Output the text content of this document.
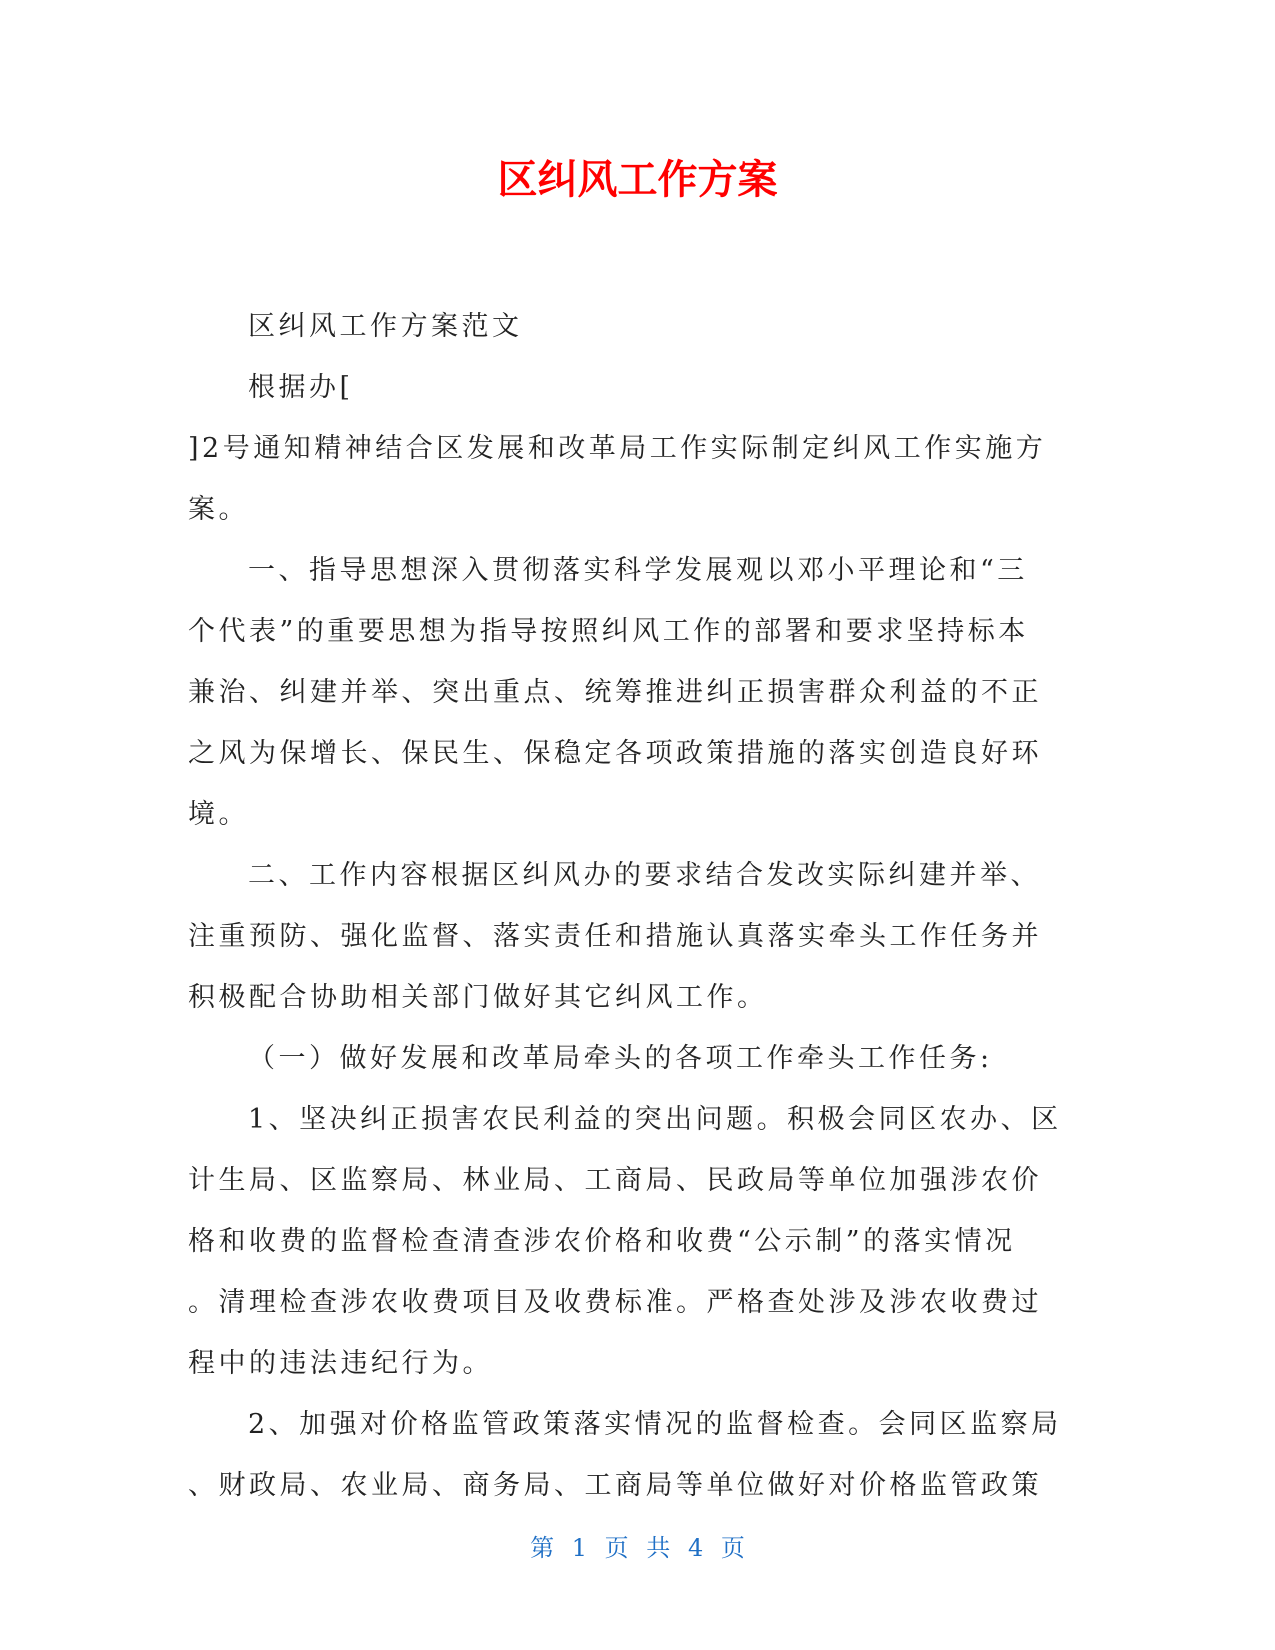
区纠风工作方案

区纠风工作方案范文

根据办[

]2号通知精神结合区发展和改革局工作实际制定纠风工作实施方

案。

一、指导思想深入贯彻落实科学发展观以邓小平理论和“三

个代表”的重要思想为指导按照纠风工作的部署和要求坚持标本

兼治、纠建并举、突出重点、统筹推进纠正损害群众利益的不正

之风为保增长、保民生、保稳定各项政策措施的落实创造良好环

境。

二、工作内容根据区纠风办的要求结合发改实际纠建并举、

注重预防、强化监督、落实责任和措施认真落实牵头工作任务并

积极配合协助相关部门做好其它纠风工作。

（一）做好发展和改革局牵头的各项工作牵头工作任务:

1、坚决纠正损害农民利益的突出问题。积极会同区农办、区

计生局、区监察局、林业局、工商局、民政局等单位加强涉农价

格和收费的监督检查清查涉农价格和收费“公示制”的落实情况

。清理检查涉农收费项目及收费标准。严格查处涉及涉农收费过

程中的违法违纪行为。

2、加强对价格监管政策落实情况的监督检查。会同区监察局

、财政局、农业局、商务局、工商局等单位做好对价格监管政策

第 1 页 共 4 页
